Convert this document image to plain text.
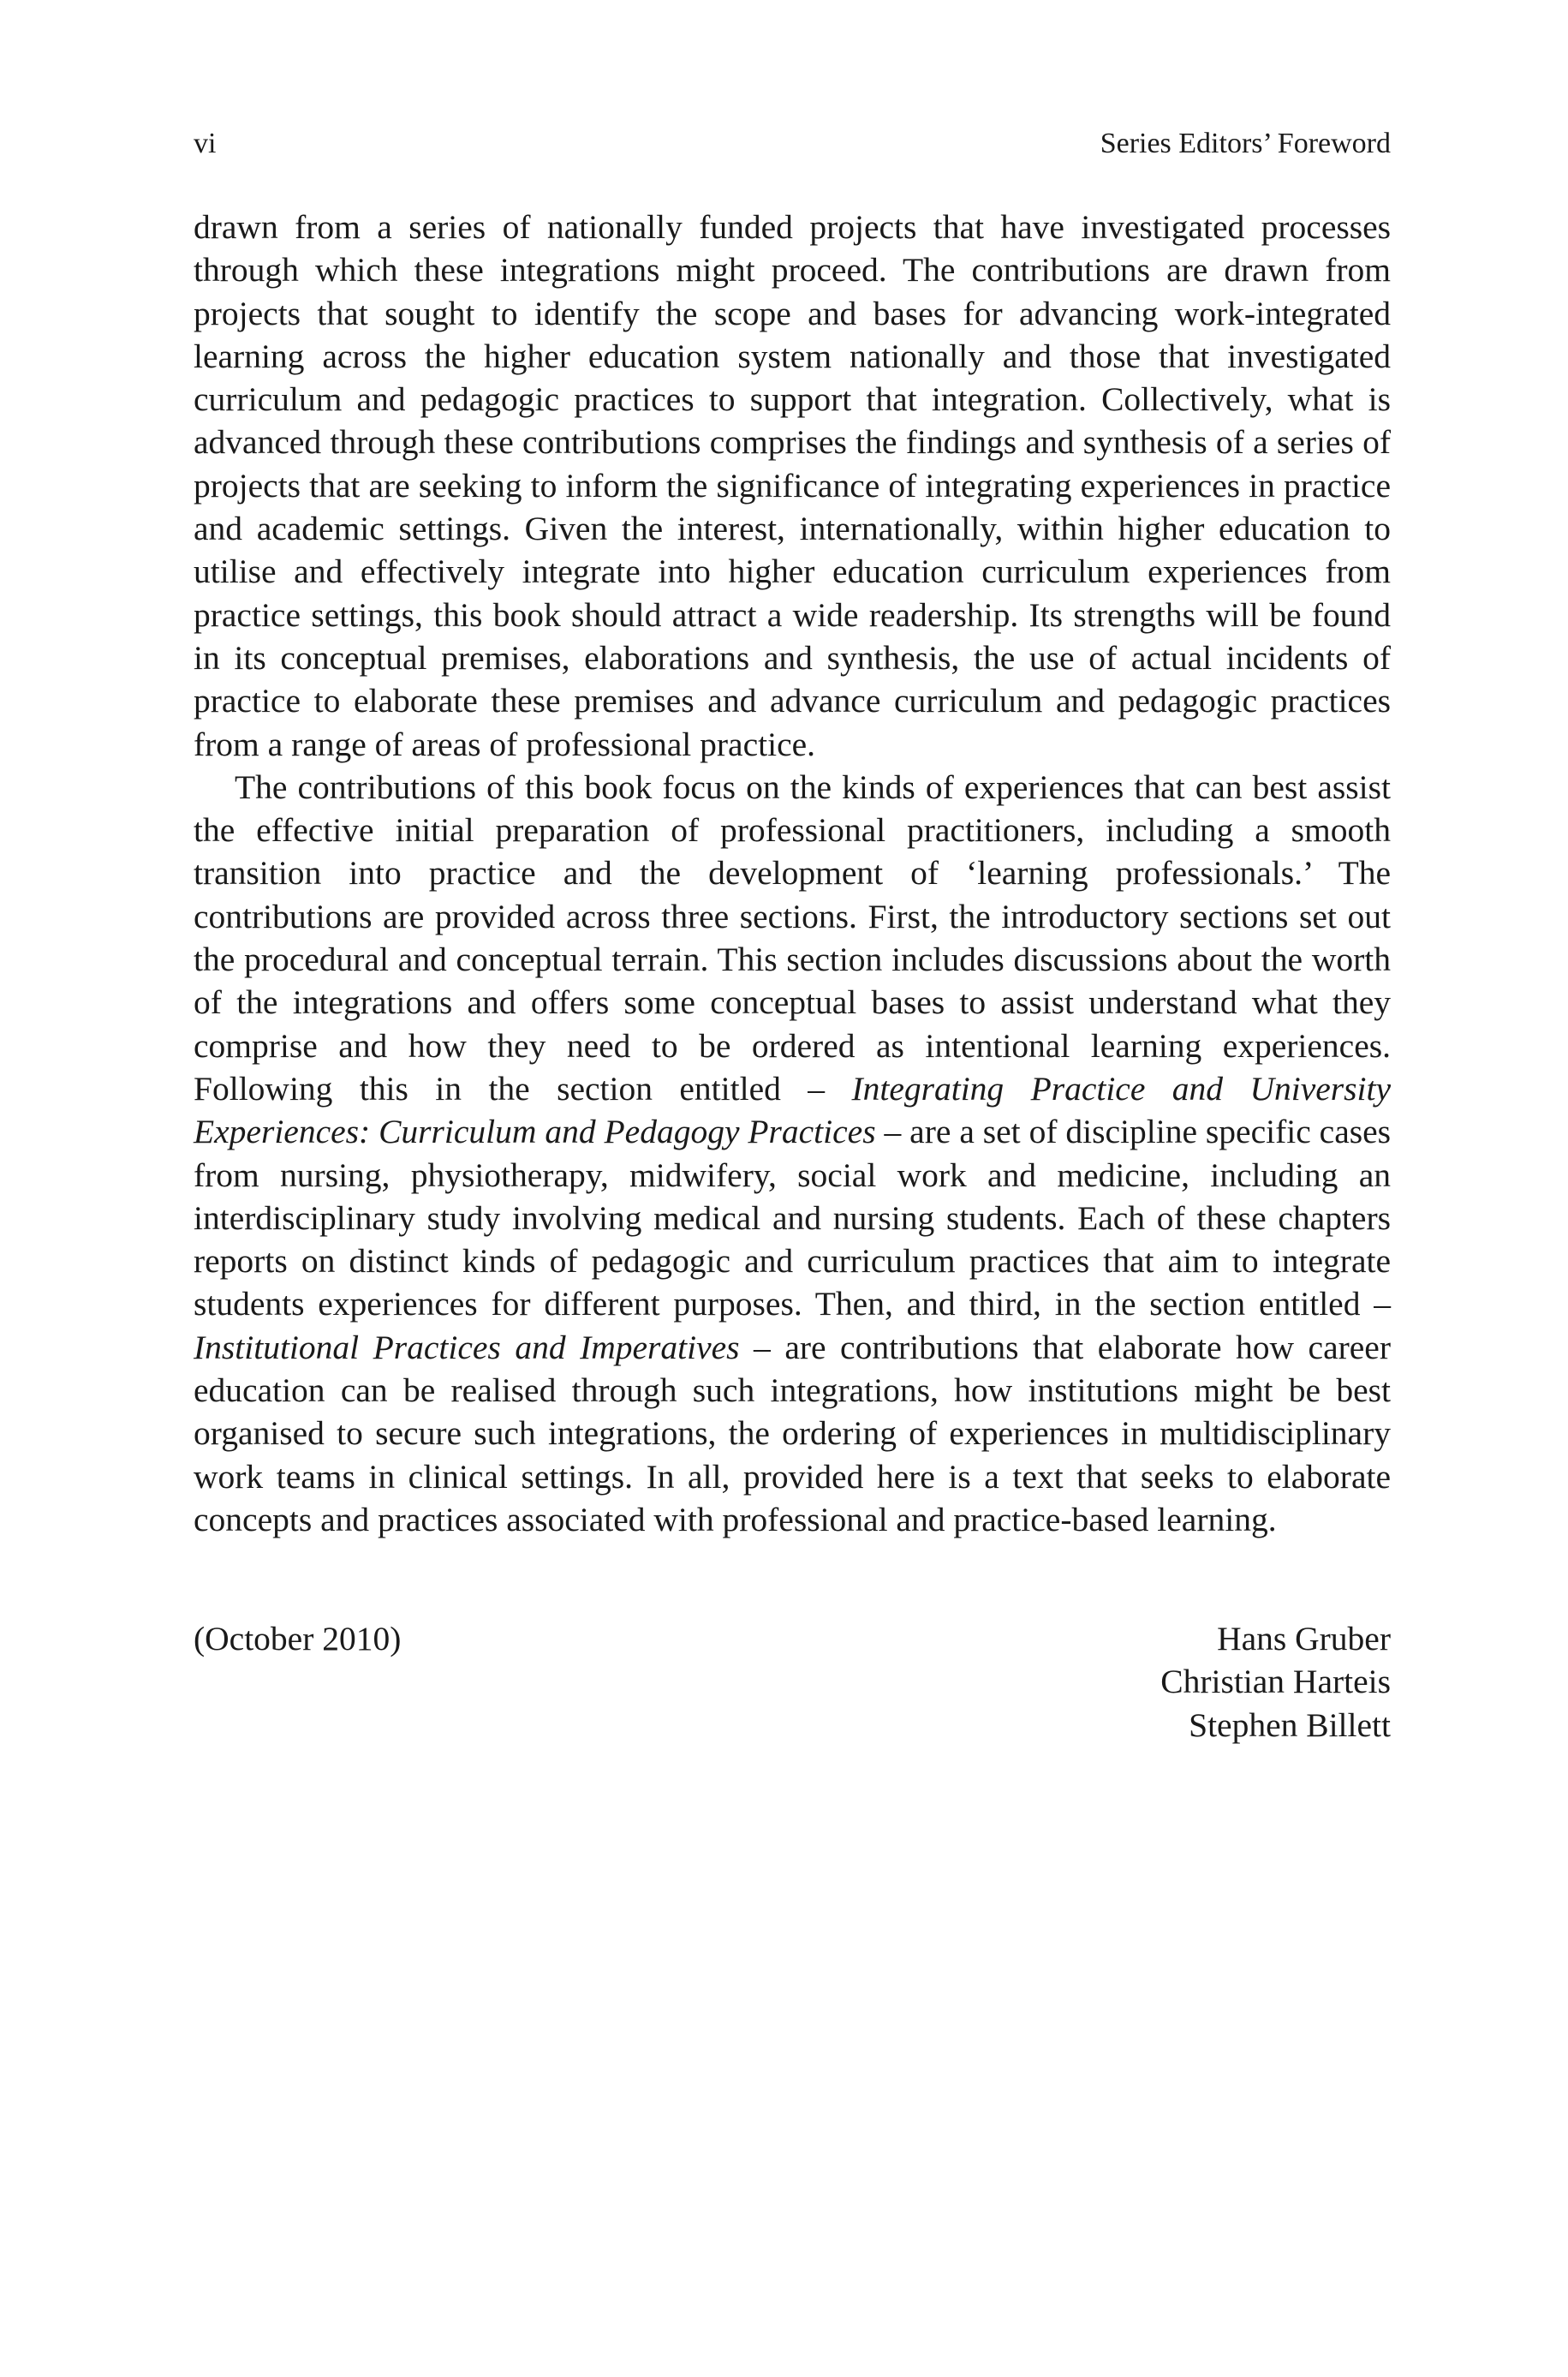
vi	Series Editors’ Foreword

drawn from a series of nationally funded projects that have investigated processes through which these integrations might proceed. The contributions are drawn from projects that sought to identify the scope and bases for advancing work-integrated learning across the higher education system nationally and those that investigated curriculum and pedagogic practices to support that integration. Collectively, what is advanced through these contributions comprises the findings and synthesis of a series of projects that are seeking to inform the significance of integrating experiences in practice and academic settings. Given the interest, internationally, within higher education to utilise and effectively integrate into higher education curriculum experiences from practice settings, this book should attract a wide readership. Its strengths will be found in its conceptual premises, elaborations and synthesis, the use of actual incidents of practice to elaborate these premises and advance curriculum and pedagogic practices from a range of areas of professional practice.

The contributions of this book focus on the kinds of experiences that can best assist the effective initial preparation of professional practitioners, including a smooth transition into practice and the development of ‘learning professionals.’ The contributions are provided across three sections. First, the introductory sections set out the procedural and conceptual terrain. This section includes discussions about the worth of the integrations and offers some conceptual bases to assist understand what they comprise and how they need to be ordered as intentional learning experiences. Following this in the section entitled – Integrating Practice and University Experiences: Curriculum and Pedagogy Practices – are a set of discipline specific cases from nursing, physiotherapy, midwifery, social work and medicine, including an interdisciplinary study involving medical and nursing students. Each of these chapters reports on distinct kinds of pedagogic and curriculum practices that aim to integrate students experiences for different purposes. Then, and third, in the section entitled – Institutional Practices and Imperatives – are contributions that elaborate how career education can be realised through such integrations, how institutions might be best organised to secure such integrations, the ordering of experiences in multidisciplinary work teams in clinical settings. In all, provided here is a text that seeks to elaborate concepts and practices associated with professional and practice-based learning.

(October 2010)	Hans Gruber
Christian Harteis
Stephen Billett
